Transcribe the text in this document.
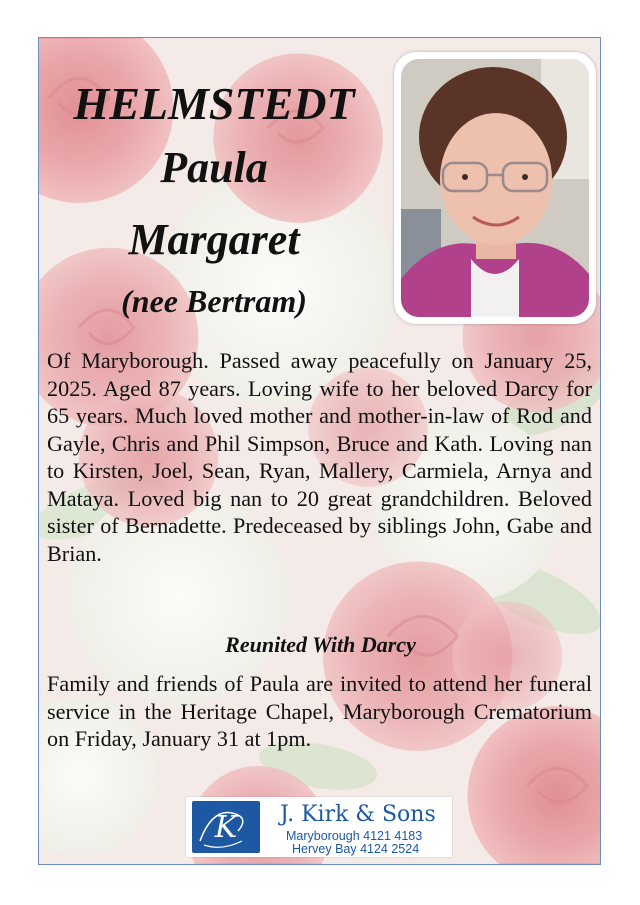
HELMSTEDT
Paula
Margaret
(nee Bertram)
Of Maryborough. Passed away peacefully on January 25, 2025. Aged 87 years. Loving wife to her beloved Darcy for 65 years. Much loved mother and mother-in-law of Rod and Gayle, Chris and Phil Simpson, Bruce and Kath. Loving nan to Kirsten, Joel, Sean, Ryan, Mallery, Carmiela, Arnya and Mataya. Loved big nan to 20 great grandchildren. Beloved sister of Bernadette. Predeceased by siblings John, Gabe and Brian.
Reunited With Darcy
Family and friends of Paula are invited to attend her funeral service in the Heritage Chapel, Maryborough Crematorium on Friday, January 31 at 1pm.
K J. Kirk & Sons
Maryborough 4121 4183
Hervey Bay 4124 2524
